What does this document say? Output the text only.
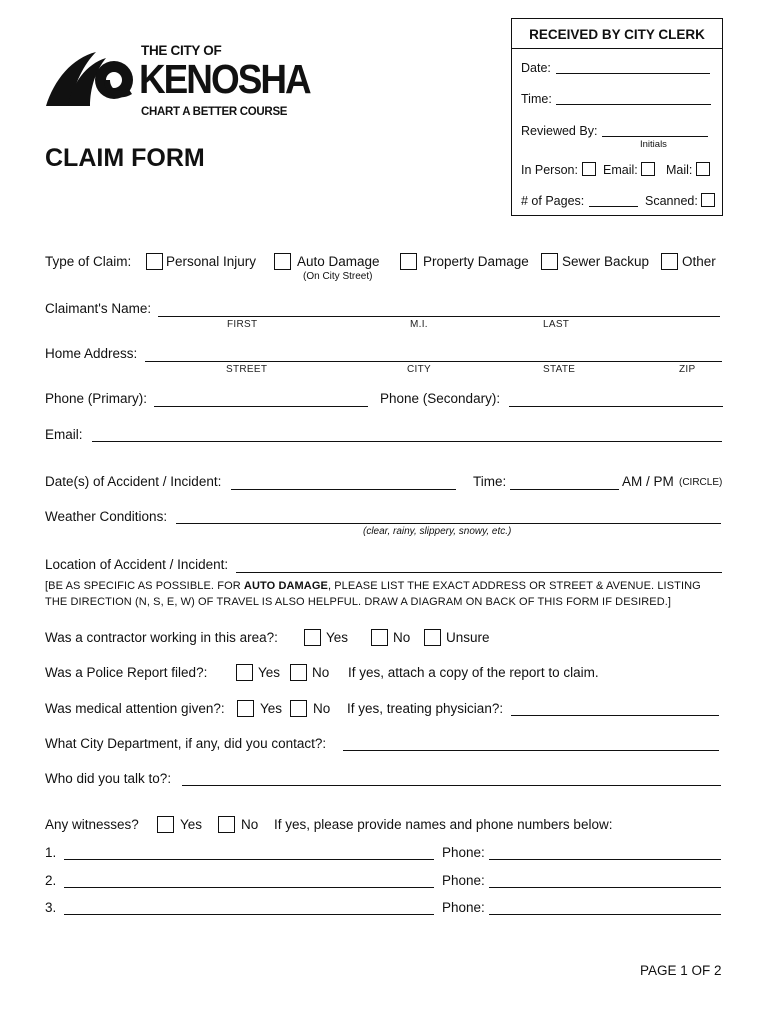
THE CITY OF
KENOSHA
CHART A BETTER COURSE
CLAIM FORM
RECEIVED BY CITY CLERK
Date:
Time:
Reviewed By:
Initials
In Person: Email: Mail:
# of Pages:	Scanned:
Type of Claim:	Personal Injury	Auto Damage
(On City Street)
Property Damage Sewer Backup Other
Claimant's Name:
FIRST	M.I.	LAST
Home Address:
STREET	CITY	STATE	ZIP
Phone (Primary):	Phone (Secondary):
Email:
Date(s) of Accident / Incident:	Time:	AM / PM (CIRCLE)
Weather Conditions:
(clear, rainy, slippery, snowy, etc.)
Location of Accident / Incident:
[BE AS SPECIFIC AS POSSIBLE. FOR AUTO DAMAGE, PLEASE LIST THE EXACT ADDRESS OR STREET & AVENUE. LISTING
THE DIRECTION (N, S, E, W) OF TRAVEL IS ALSO HELPFUL. DRAW A DIAGRAM ON BACK OF THIS FORM IF DESIRED.]
Was a contractor working in this area?:	Yes	No	Unsure
Was a Police Report filed?:	Yes No If yes, attach a copy of the report to claim.
Was medical attention given?:	Yes No If yes, treating physician?:
What City Department, if any, did you contact?:
Who did you talk to?:
Any witnesses?	Yes	No If yes, please provide names and phone numbers below:
1.	Phone:
2.	Phone:
3.	Phone:
PAGE 1 OF 2
